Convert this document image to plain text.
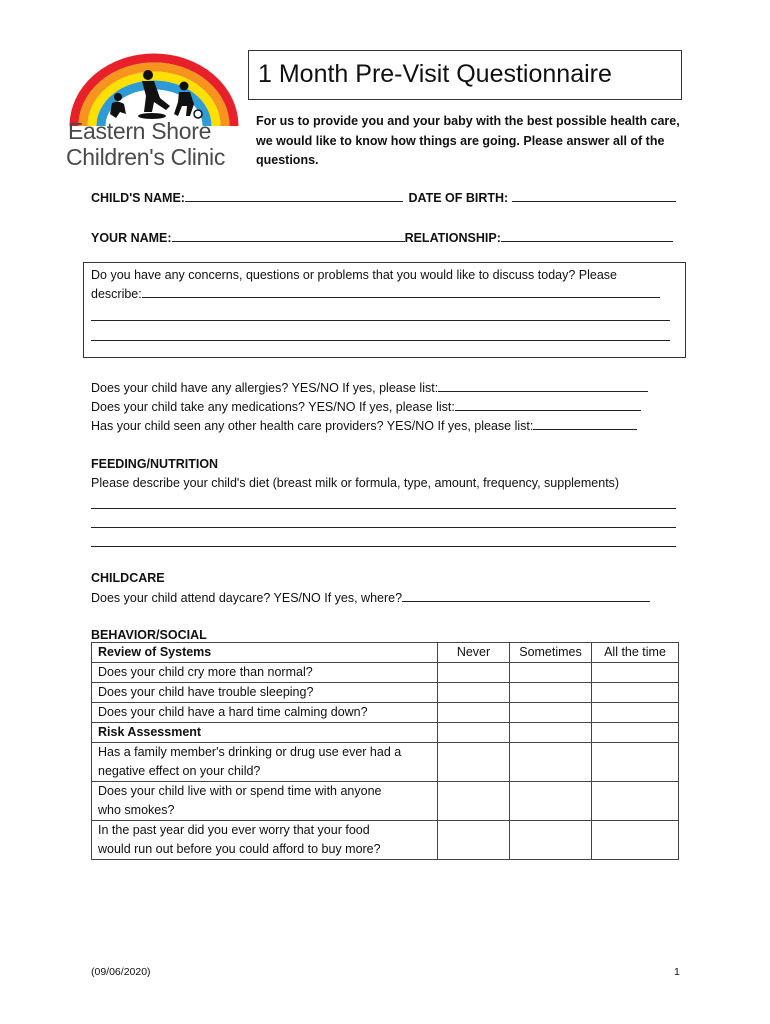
Eastern Shore
Children's Clinic
1 Month Pre-Visit Questionnaire
For us to provide you and your baby with the best possible health care, we would like to know how things are going. Please answer all of the questions.
CHILD'S NAME:	DATE OF BIRTH:
YOUR NAME:	RELATIONSHIP:
Do you have any concerns, questions or problems that you would like to discuss today? Please
describe:
Does your child have any allergies? YES/NO If yes, please list:
Does your child take any medications? YES/NO If yes, please list:
Has your child seen any other health care providers? YES/NO If yes, please list:
FEEDING/NUTRITION
Please describe your child's diet (breast milk or formula, type, amount, frequency, supplements)
CHILDCARE
Does your child attend daycare? YES/NO If yes, where?
BEHAVIOR/SOCIAL
Review of Systems	Never	Sometimes	All the time
Does your child cry more than normal?			
Does your child have trouble sleeping?			
Does your child have a hard time calming down?			
Risk Assessment			

Has a family member's drinking or drug use ever had a
negative effect on your child?			

Does your child live with or spend time with anyone
who smokes?			

In the past year did you ever worry that your food
would run out before you could afford to buy more?			

(09/06/2020)	1
